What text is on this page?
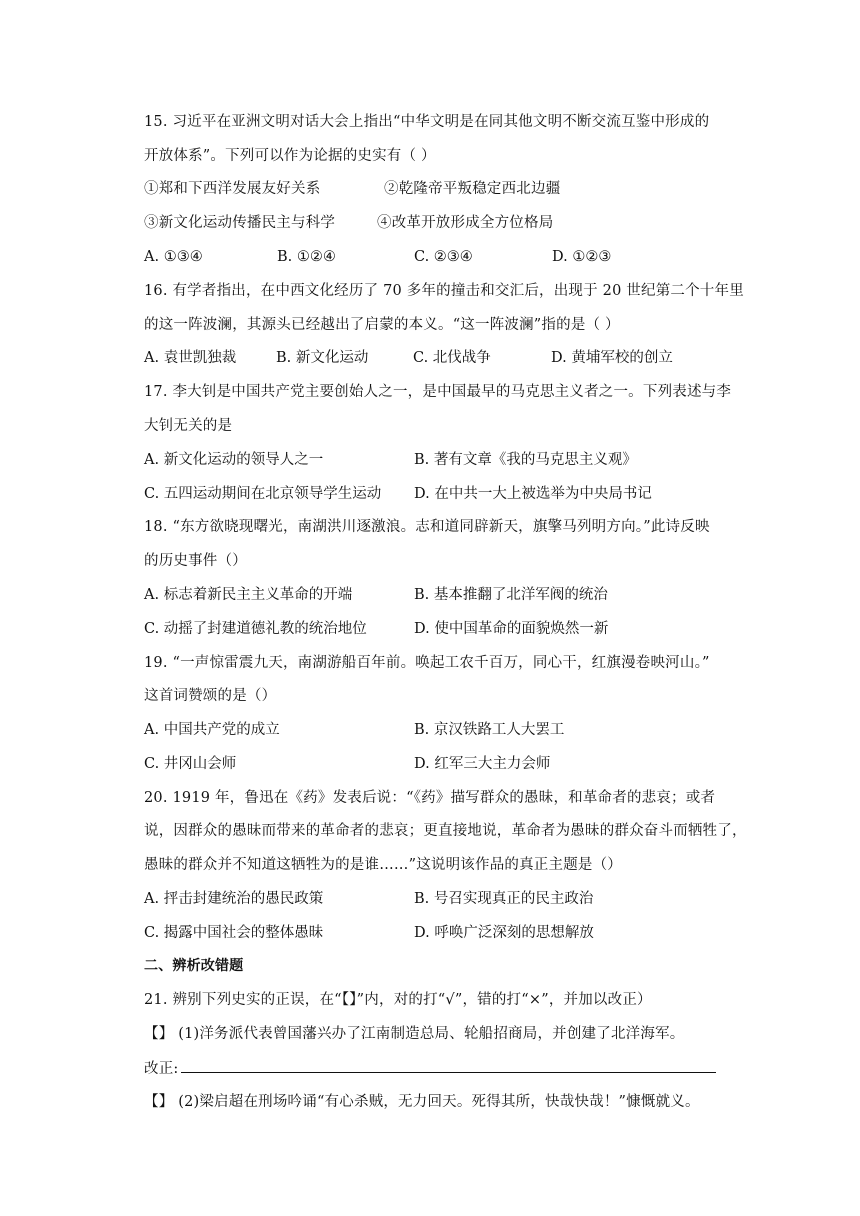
15. 习近平在亚洲文明对话大会上指出“中华文明是在同其他文明不断交流互鉴中形成的
开放体系”。下列可以作为论据的史实有（ ）
①郑和下西洋发展友好关系	②乾隆帝平叛稳定西北边疆
③新文化运动传播民主与科学	④改革开放形成全方位格局
A. ①③④	B. ①②④	C. ②③④	D. ①②③
16. 有学者指出，在中西文化经历了 70 多年的撞击和交汇后，出现于 20 世纪第二个十年里
的这一阵波澜，其源头已经越出了启蒙的本义。“这一阵波澜”指的是（ ）
A. 袁世凯独裁	B. 新文化运动	C. 北伐战争	D. 黄埔军校的创立
17. 李大钊是中国共产党主要创始人之一，是中国最早的马克思主义者之一。下列表述与李
大钊无关的是
A. 新文化运动的领导人之一	B. 著有文章《我的马克思主义观》
C. 五四运动期间在北京领导学生运动 D. 在中共一大上被选举为中央局书记
18. “东方欲晓现曙光，南湖洪川逐激浪。志和道同辟新天，旗擎马列明方向。”此诗反映
的历史事件（）
A. 标志着新民主主义革命的开端	B. 基本推翻了北洋军阀的统治
C. 动摇了封建道德礼教的统治地位	D. 使中国革命的面貌焕然一新
19. “一声惊雷震九天，南湖游船百年前。唤起工农千百万，同心干，红旗漫卷映河山。”
这首词赞颂的是（）
A. 中国共产党的成立	B. 京汉铁路工人大罢工
C. 井冈山会师	D. 红军三大主力会师
20. 1919 年，鲁迅在《药》发表后说：“《药》描写群众的愚昧，和革命者的悲哀；或者
说，因群众的愚昧而带来的革命者的悲哀；更直接地说，革命者为愚昧的群众奋斗而牺牲了，
愚昧的群众并不知道这牺牲为的是谁……”这说明该作品的真正主题是（）
A. 抨击封建统治的愚民政策	B. 号召实现真正的民主政治
C. 揭露中国社会的整体愚昧	D. 呼唤广泛深刻的思想解放
二、辨析改错题
21. 辨别下列史实的正误，在“【】”内，对的打“√”，错的打“×”，并加以改正）
【】 (1)洋务派代表曾国藩兴办了江南制造总局、轮船招商局，并创建了北洋海军。
改正:
【】 (2)梁启超在刑场吟诵“有心杀贼，无力回天。死得其所，快哉快哉！”慷慨就义。
